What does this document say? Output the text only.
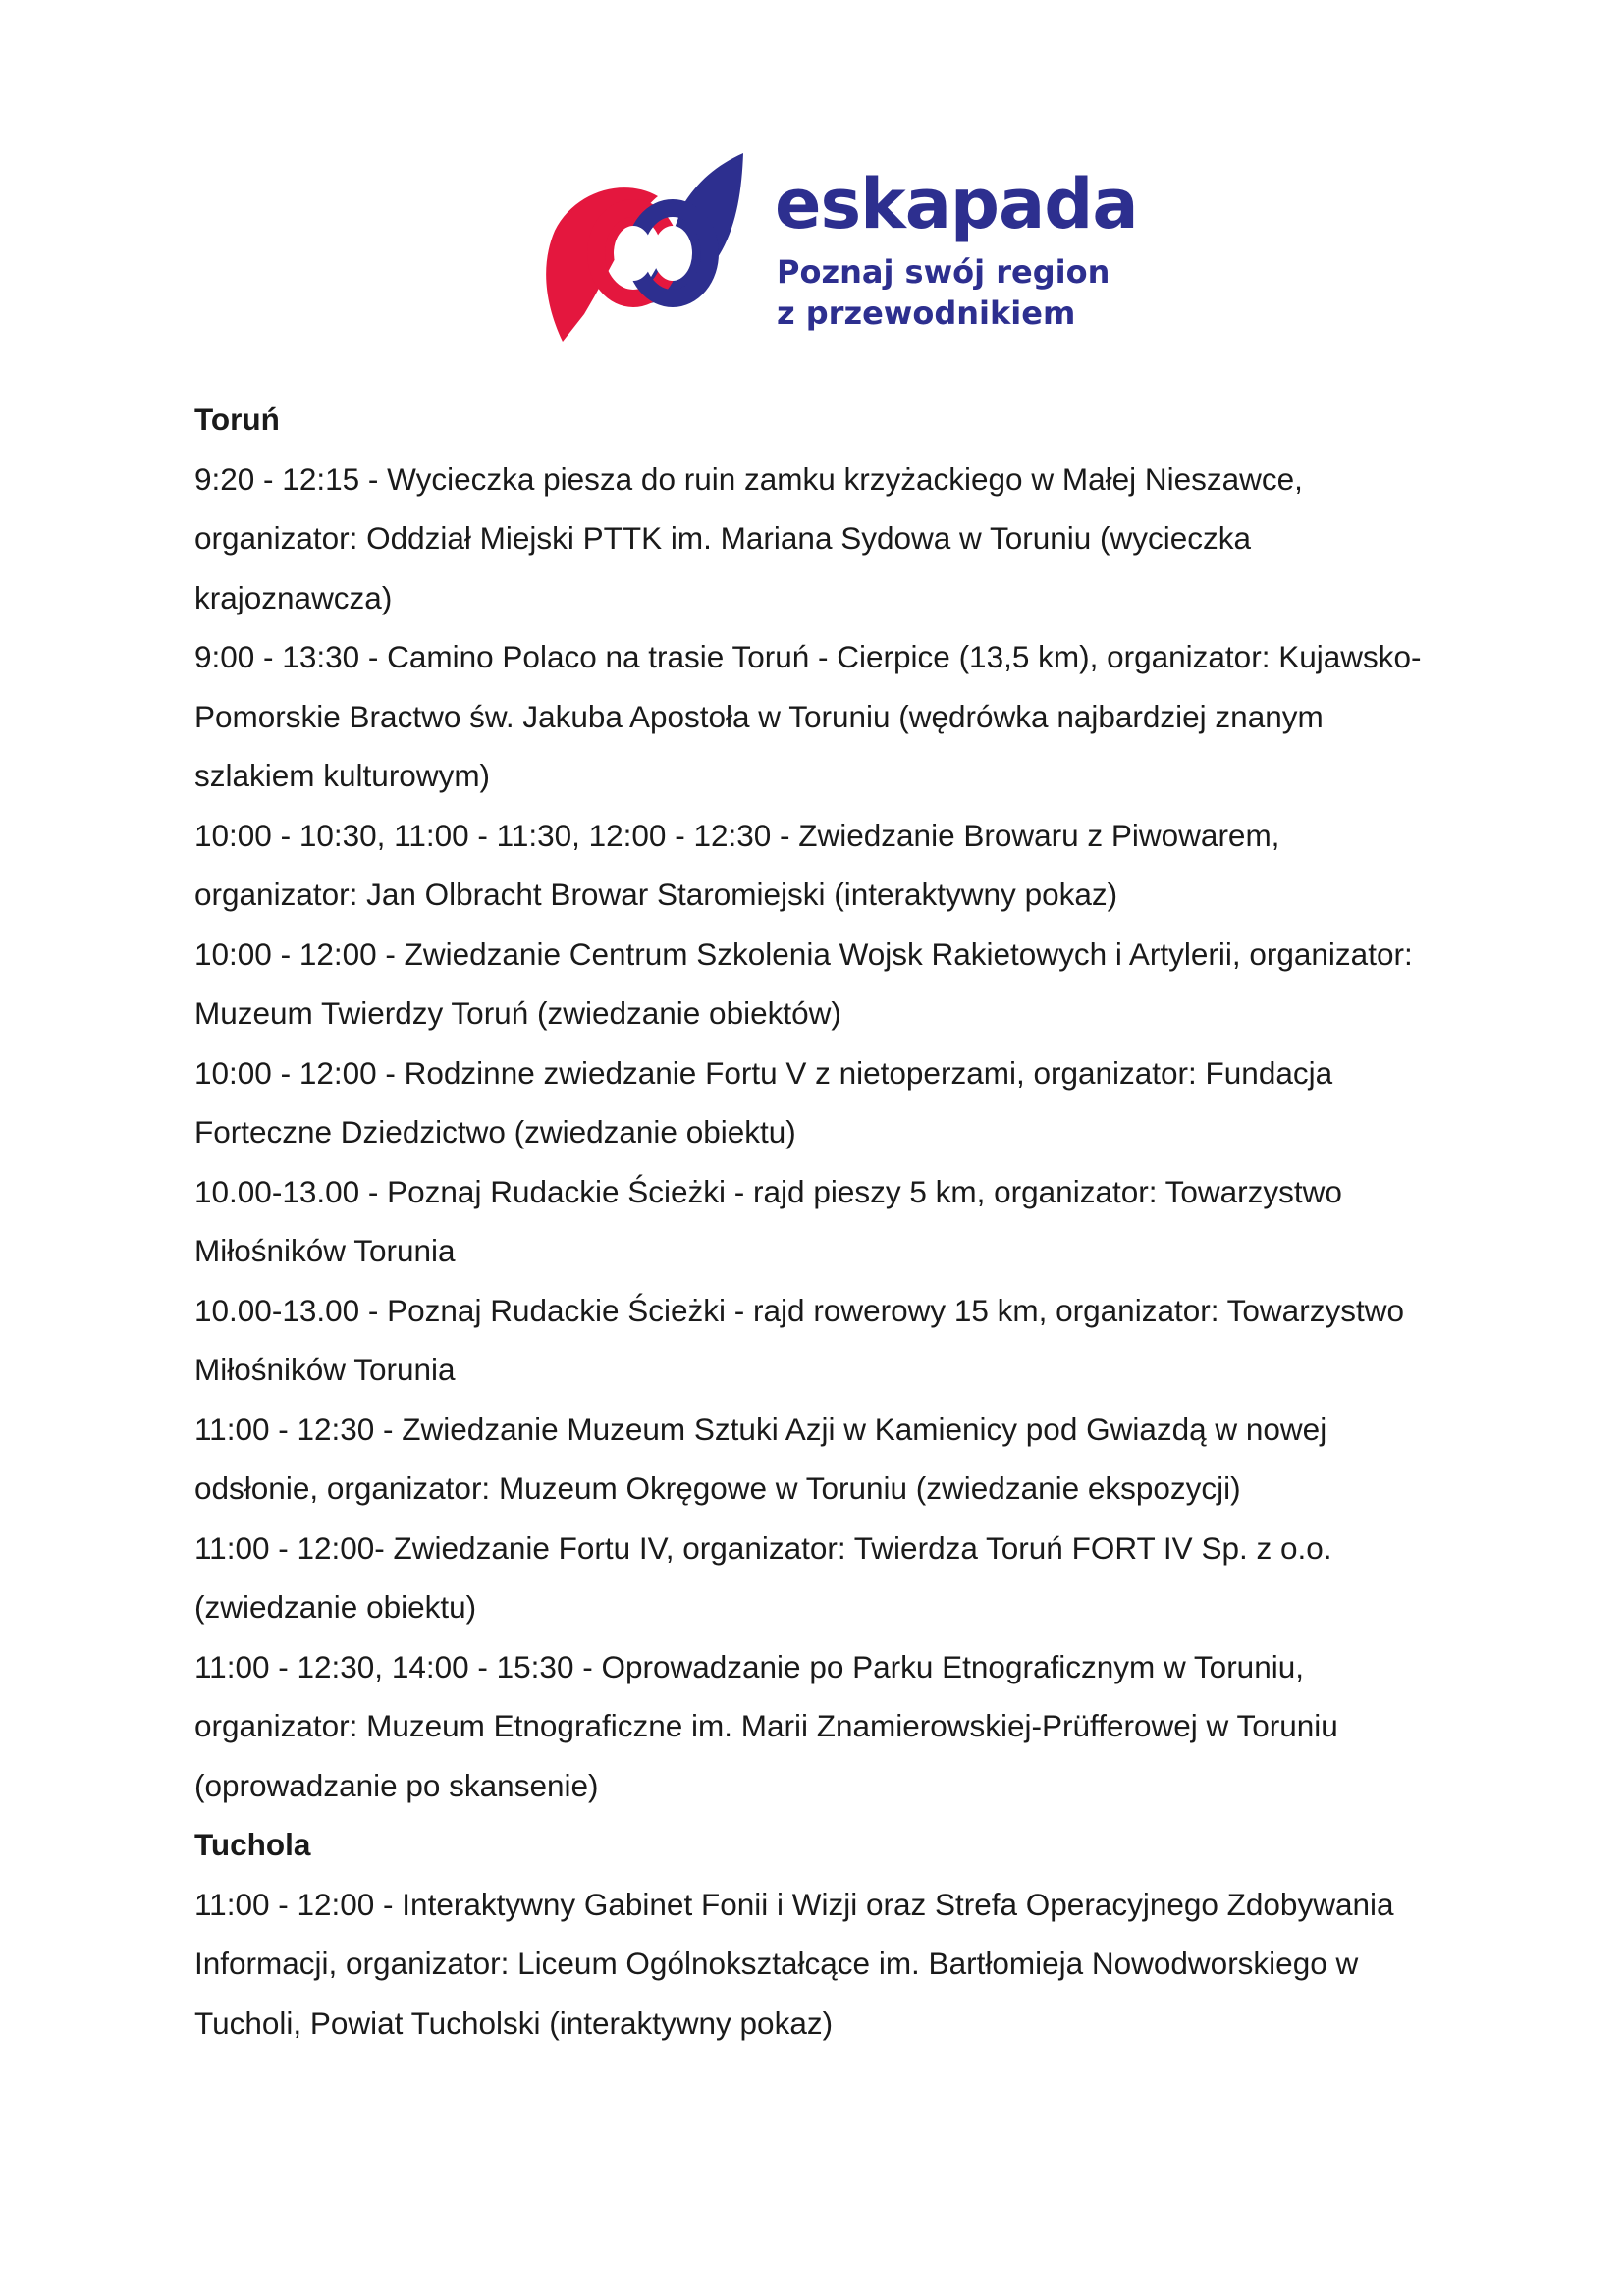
eskapada
Poznaj swój region
z przewodnikiem

Toruń

9:20 - 12:15 - Wycieczka piesza do ruin zamku krzyżackiego w Małej Nieszawce, organizator: Oddział Miejski PTTK im. Mariana Sydowa w Toruniu (wycieczka krajoznawcza)

9:00 - 13:30 - Camino Polaco na trasie Toruń - Cierpice (13,5 km), organizator: Kujawsko-Pomorskie Bractwo św. Jakuba Apostoła w Toruniu (wędrówka najbardziej znanym szlakiem kulturowym)

10:00 - 10:30, 11:00 - 11:30, 12:00 - 12:30 - Zwiedzanie Browaru z Piwowarem, organizator: Jan Olbracht Browar Staromiejski (interaktywny pokaz)

10:00 - 12:00 - Zwiedzanie Centrum Szkolenia Wojsk Rakietowych i Artylerii, organizator: Muzeum Twierdzy Toruń (zwiedzanie obiektów)

10:00 - 12:00 - Rodzinne zwiedzanie Fortu V z nietoperzami, organizator: Fundacja Forteczne Dziedzictwo (zwiedzanie obiektu)

10.00-13.00 - Poznaj Rudackie Ścieżki - rajd pieszy 5 km, organizator: Towarzystwo Miłośników Torunia

10.00-13.00 - Poznaj Rudackie Ścieżki - rajd rowerowy 15 km, organizator: Towarzystwo Miłośników Torunia

11:00 - 12:30 - Zwiedzanie Muzeum Sztuki Azji w Kamienicy pod Gwiazdą w nowej odsłonie, organizator: Muzeum Okręgowe w Toruniu (zwiedzanie ekspozycji)

11:00 - 12:00- Zwiedzanie Fortu IV, organizator: Twierdza Toruń FORT IV Sp. z o.o. (zwiedzanie obiektu)

11:00 - 12:30, 14:00 - 15:30 - Oprowadzanie po Parku Etnograficznym w Toruniu, organizator: Muzeum Etnograficzne im. Marii Znamierowskiej-Prüfferowej w Toruniu (oprowadzanie po skansenie)

Tuchola

11:00 - 12:00 - Interaktywny Gabinet Fonii i Wizji oraz Strefa Operacyjnego Zdobywania Informacji, organizator: Liceum Ogólnokształcące im. Bartłomieja Nowodworskiego w Tucholi, Powiat Tucholski (interaktywny pokaz)
